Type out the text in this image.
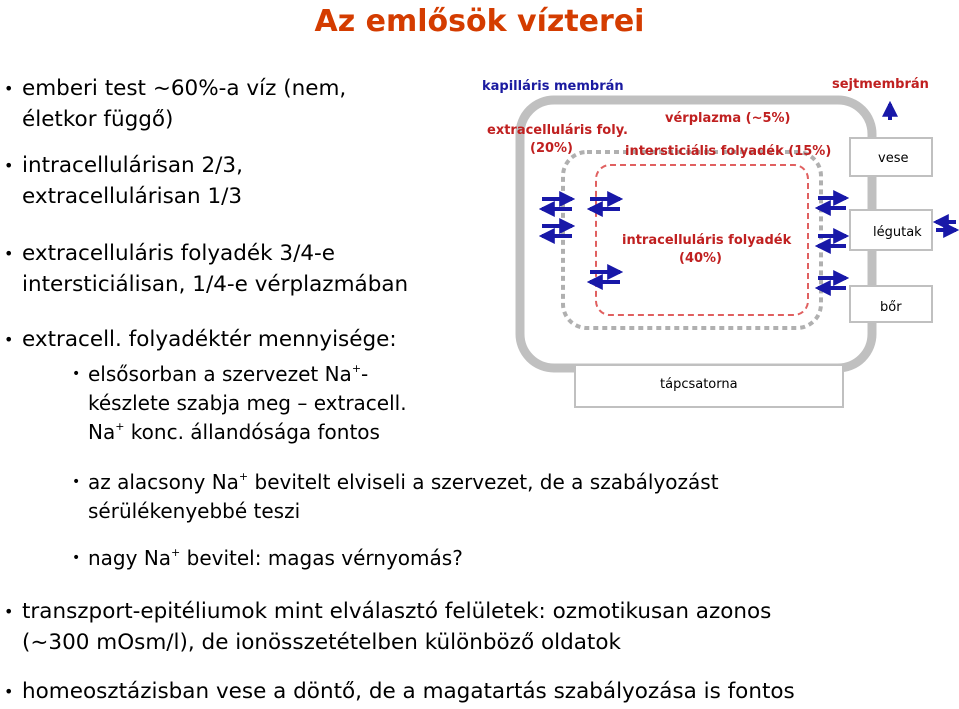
Az emlősök vízterei
• emberi test ~60%-a víz (nem,
életkor függő)
• intracellulárisan 2/3,
extracellulárisan 1/3
• extracelluláris folyadék 3/4-e
intersticiálisan, 1/4-e vérplazmában
• extracell. folyadéktér mennyisége:
• elsősorban a szervezet Na+-
készlete szabja meg – extracell.
Na+ konc. állandósága fontos
• az alacsony Na+ bevitelt elviseli a szervezet, de a szabályozást
sérülékenyebbé teszi
• nagy Na+ bevitel: magas vérnyomás?
• transzport-epitéliumok mint elválasztó felületek: ozmotikusan azonos
(~300 mOsm/l), de ionösszetételben különböző oldatok
• homeosztázisban vese a döntő, de a magatartás szabályozása is fontos
kapilláris membrán	sejtmembrán
extracelluláris foly.
(20%)
vérplazma (~5%)
intersticiális folyadék (15%)
intracelluláris folyadék
(40%)
vese
légutak
bőr
tápcsatorna
